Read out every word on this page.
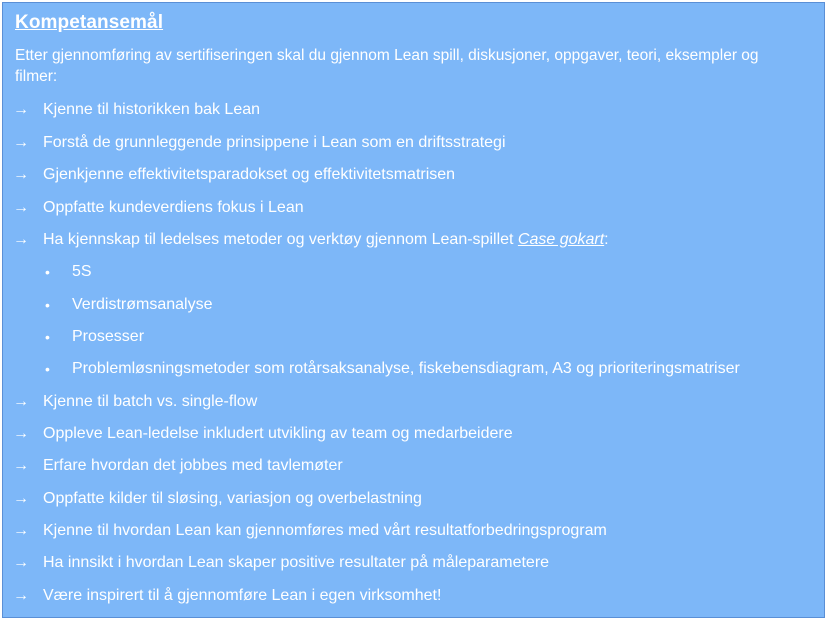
Kompetansemål
Etter gjennomføring av sertifiseringen skal du gjennom Lean spill, diskusjoner, oppgaver, teori, eksempler og filmer:
→ Kjenne til historikken bak Lean
→ Forstå de grunnleggende prinsippene i Lean som en driftsstrategi
→ Gjenkjenne effektivitetsparadokset og effektivitetsmatrisen
→ Oppfatte kundeverdiens fokus i Lean
→ Ha kjennskap til ledelses metoder og verktøy gjennom Lean-spillet Case gokart:
• 5S
• Verdistrømsanalyse
• Prosesser
• Problemløsningsmetoder som rotårsaksanalyse, fiskebensdiagram, A3 og prioriteringsmatriser
→ Kjenne til batch vs. single-flow
→ Oppleve Lean-ledelse inkludert utvikling av team og medarbeidere
→ Erfare hvordan det jobbes med tavlemøter
→ Oppfatte kilder til sløsing, variasjon og overbelastning
→ Kjenne til hvordan Lean kan gjennomføres med vårt resultatforbedringsprogram
→ Ha innsikt i hvordan Lean skaper positive resultater på måleparametere
→ Være inspirert til å gjennomføre Lean i egen virksomhet!
